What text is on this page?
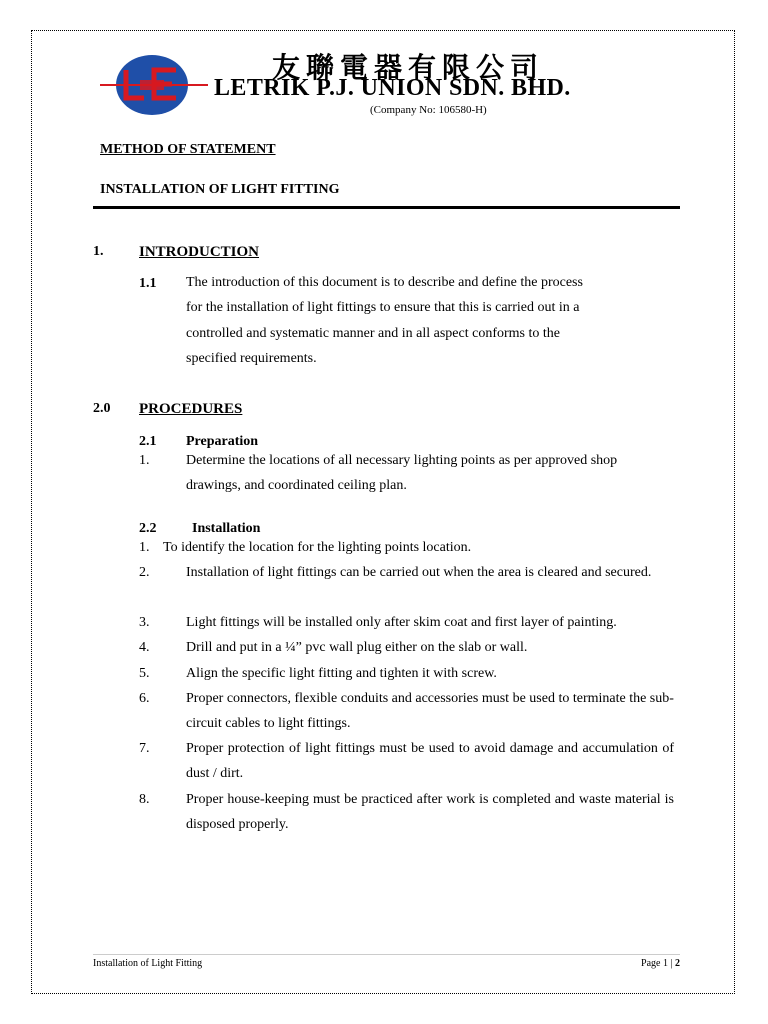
友聯電器有限公司
LETRIK P.J. UNION SDN. BHD.
(Company No: 106580-H)
METHOD OF STATEMENT
INSTALLATION OF LIGHT FITTING
1. INTRODUCTION
1.1 The introduction of this document is to describe and define the process
for the installation of light fittings to ensure that this is carried out in a
controlled and systematic manner and in all aspect conforms to the
specified requirements.
2.0 PROCEDURES
2.1 Preparation
1.	Determine the locations of all necessary lighting points as per approved shop drawings, and coordinated ceiling plan.
2.2	Installation
1. To identify the location for the lighting points location.
2.	Installation of light fittings can be carried out when the area is cleared and secured.
3.	Light fittings will be installed only after skim coat and first layer of painting.
4.	Drill and put in a ¼” pvc wall plug either on the slab or wall.
5.	Align the specific light fitting and tighten it with screw.
6.	Proper connectors, flexible conduits and accessories must be used to terminate the sub-circuit cables to light fittings.
7.	Proper protection of light fittings must be used to avoid damage and accumulation of dust / dirt.
8.	Proper house-keeping must be practiced after work is completed and waste material is disposed properly.
Installation of Light Fitting	Page 1 | 2
